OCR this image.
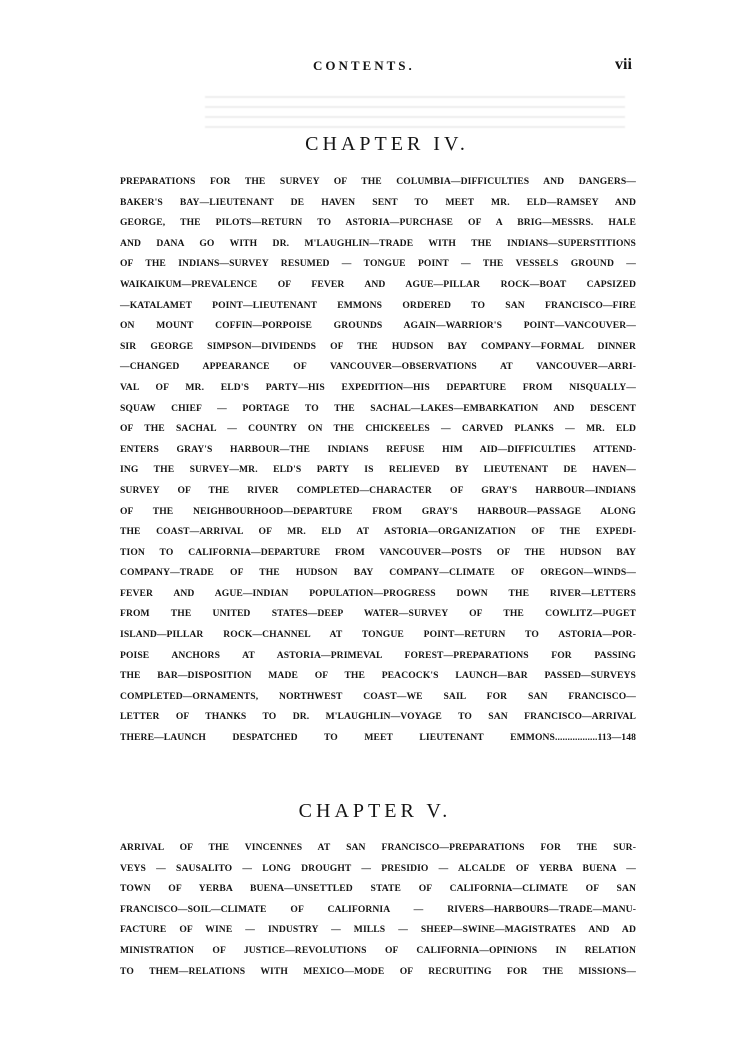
CONTENTS.	vii
CHAPTER IV.
PREPARATIONS FOR THE SURVEY OF THE COLUMBIA—DIFFICULTIES AND DANGERS—
BAKER'S BAY—LIEUTENANT DE HAVEN SENT TO MEET MR. ELD—RAMSEY AND
GEORGE, THE PILOTS—RETURN TO ASTORIA—PURCHASE OF A BRIG—MESSRS. HALE
AND DANA GO WITH DR. M'LAUGHLIN—TRADE WITH THE INDIANS—SUPERSTITIONS
OF THE INDIANS—SURVEY RESUMED — TONGUE POINT — THE VESSELS GROUND —
WAIKAIKUM—PREVALENCE OF FEVER AND AGUE—PILLAR ROCK—BOAT CAPSIZED
—KATALAMET POINT—LIEUTENANT EMMONS ORDERED TO SAN FRANCISCO—FIRE
ON MOUNT COFFIN—PORPOISE GROUNDS AGAIN—WARRIOR'S POINT—VANCOUVER—
SIR GEORGE SIMPSON—DIVIDENDS OF THE HUDSON BAY COMPANY—FORMAL DINNER
—CHANGED APPEARANCE OF VANCOUVER—OBSERVATIONS AT VANCOUVER—ARRI-
VAL OF MR. ELD'S PARTY—HIS EXPEDITION—HIS DEPARTURE FROM NISQUALLY—
SQUAW CHIEF — PORTAGE TO THE SACHAL—LAKES—EMBARKATION AND DESCENT
OF THE SACHAL — COUNTRY ON THE CHICKEELES — CARVED PLANKS — MR. ELD
ENTERS GRAY'S HARBOUR—THE INDIANS REFUSE HIM AID—DIFFICULTIES ATTEND-
ING THE SURVEY—MR. ELD'S PARTY IS RELIEVED BY LIEUTENANT DE HAVEN—
SURVEY OF THE RIVER COMPLETED—CHARACTER OF GRAY'S HARBOUR—INDIANS
OF THE NEIGHBOURHOOD—DEPARTURE FROM GRAY'S HARBOUR—PASSAGE ALONG
THE COAST—ARRIVAL OF MR. ELD AT ASTORIA—ORGANIZATION OF THE EXPEDI-
TION TO CALIFORNIA—DEPARTURE FROM VANCOUVER—POSTS OF THE HUDSON BAY
COMPANY—TRADE OF THE HUDSON BAY COMPANY—CLIMATE OF OREGON—WINDS—
FEVER AND AGUE—INDIAN POPULATION—PROGRESS DOWN THE RIVER—LETTERS
FROM THE UNITED STATES—DEEP WATER—SURVEY OF THE COWLITZ—PUGET
ISLAND—PILLAR ROCK—CHANNEL AT TONGUE POINT—RETURN TO ASTORIA—POR-
POISE ANCHORS AT ASTORIA—PRIMEVAL FOREST—PREPARATIONS FOR PASSING
THE BAR—DISPOSITION MADE OF THE PEACOCK'S LAUNCH—BAR PASSED—SURVEYS
COMPLETED—ORNAMENTS, NORTHWEST COAST—WE SAIL FOR SAN FRANCISCO—
LETTER OF THANKS TO DR. M'LAUGHLIN—VOYAGE TO SAN FRANCISCO—ARRIVAL
THERE—LAUNCH DESPATCHED TO MEET LIEUTENANT EMMONS.................113—148
CHAPTER V.
ARRIVAL OF THE VINCENNES AT SAN FRANCISCO—PREPARATIONS FOR THE SUR-
VEYS — SAUSALITO — LONG DROUGHT — PRESIDIO — ALCALDE OF YERBA BUENA —
TOWN OF YERBA BUENA—UNSETTLED STATE OF CALIFORNIA—CLIMATE OF SAN
FRANCISCO—SOIL—CLIMATE OF CALIFORNIA — RIVERS—HARBOURS—TRADE—MANU-
FACTURE OF WINE — INDUSTRY — MILLS — SHEEP—SWINE—MAGISTRATES AND AD
MINISTRATION OF JUSTICE—REVOLUTIONS OF CALIFORNIA—OPINIONS IN RELATION
TO THEM—RELATIONS WITH MEXICO—MODE OF RECRUITING FOR THE MISSIONS—
